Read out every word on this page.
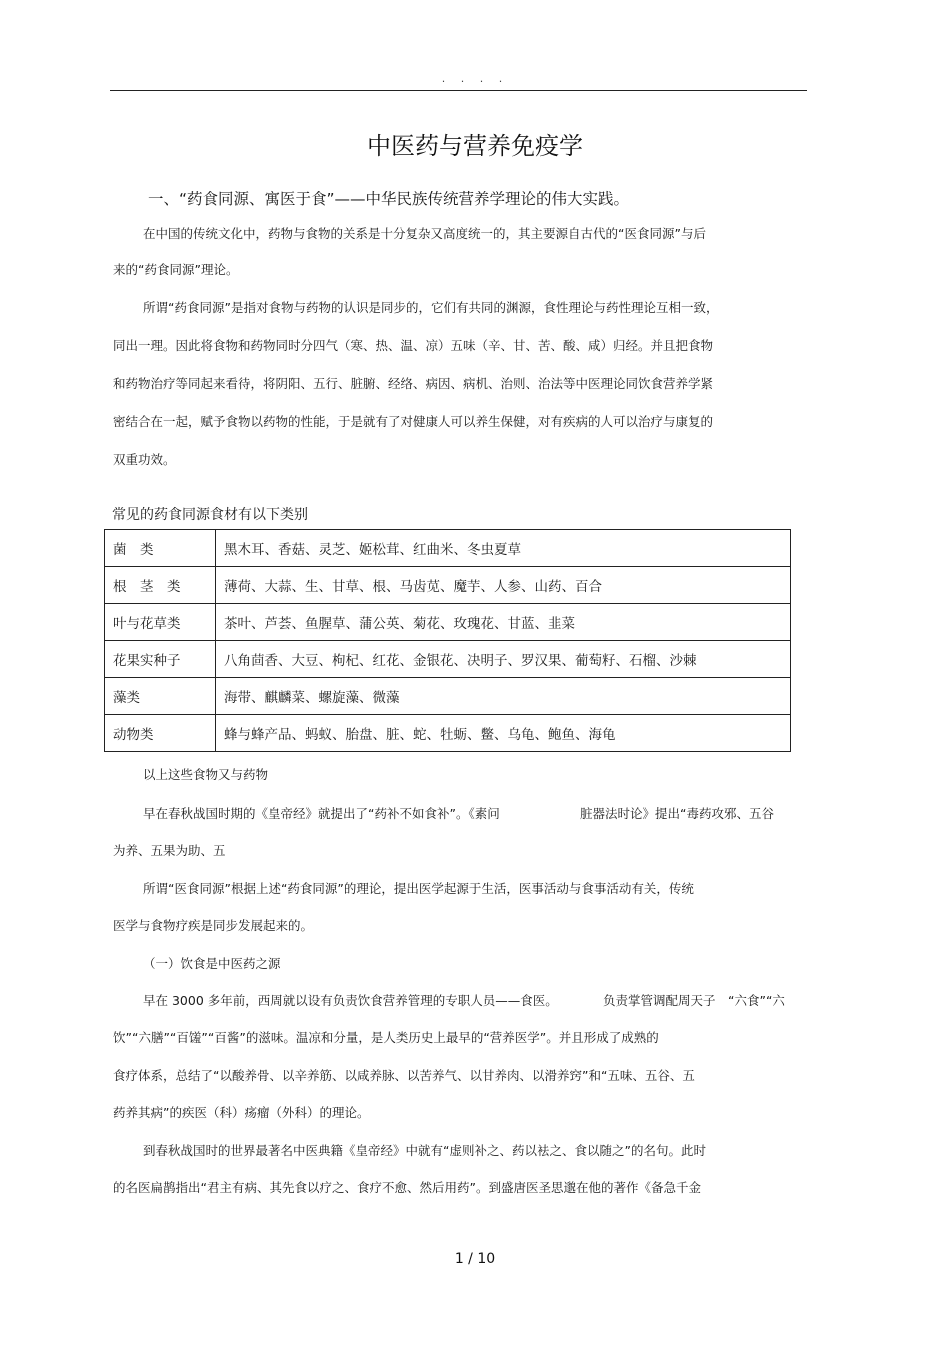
. . . .
中医药与营养免疫学
一、“药食同源、寓医于食”——中华民族传统营养学理论的伟大实践。
在中国的传统文化中，药物与食物的关系是十分复杂又高度统一的，其主要源自古代的“医食同源”与后
来的“药食同源”理论。
所谓“药食同源”是指对食物与药物的认识是同步的，它们有共同的渊源，食性理论与药性理论互相一致，
同出一理。因此将食物和药物同时分四气（寒、热、温、凉）五味（辛、甘、苦、酸、咸）归经。并且把食物
和药物治疗等同起来看待，将阴阳、五行、脏腑、经络、病因、病机、治则、治法等中医理论同饮食营养学紧
密结合在一起，赋予食物以药物的性能，于是就有了对健康人可以养生保健，对有疾病的人可以治疗与康复的
双重功效。
常见的药食同源食材有以下类别
菌　类	黑木耳、香菇、灵芝、姬松茸、红曲米、冬虫夏草
根　茎　类	薄荷、大蒜、生、甘草、根、马齿苋、魔芋、人参、山药、百合
叶与花草类	茶叶、芦荟、鱼腥草、蒲公英、菊花、玫瑰花、甘蓝、韭菜
花果实种子	八角茴香、大豆、枸杞、红花、金银花、决明子、罗汉果、葡萄籽、石榴、沙棘
藻类	海带、麒麟菜、螺旋藻、微藻
动物类	蜂与蜂产品、蚂蚁、胎盘、脏、蛇、牡蛎、鳖、乌龟、鲍鱼、海龟
以上这些食物又与药物
早在春秋战国时期的《皇帝经》就提出了“药补不如食补”。《素问	脏器法时论》提出“毒药攻邪、五谷
为养、五果为助、五
所谓“医食同源”根据上述“药食同源”的理论，提出医学起源于生活，医事活动与食事活动有关，传统
医学与食物疗疾是同步发展起来的。
（一）饮食是中医药之源
早在 3000 多年前，西周就以设有负责饮食营养管理的专职人员——食医。	负责掌管调配周天子　“六食”“六
饮”“六膳”“百馐”“百酱”的滋味。温凉和分量，是人类历史上最早的“营养医学”。并且形成了成熟的
食疗体系，总结了“以酸养骨、以辛养筋、以咸养脉、以苦养气、以甘养肉、以滑养窍”和“五味、五谷、五
药养其病”的疾医（科）疡瘤（外科）的理论。
到春秋战国时的世界最著名中医典籍《皇帝经》中就有“虚则补之、药以袪之、食以随之”的名句。此时
的名医扁鹊指出“君主有病、其先食以疗之、食疗不愈、然后用药”。到盛唐医圣思邈在他的著作《备急千金
1 / 10
